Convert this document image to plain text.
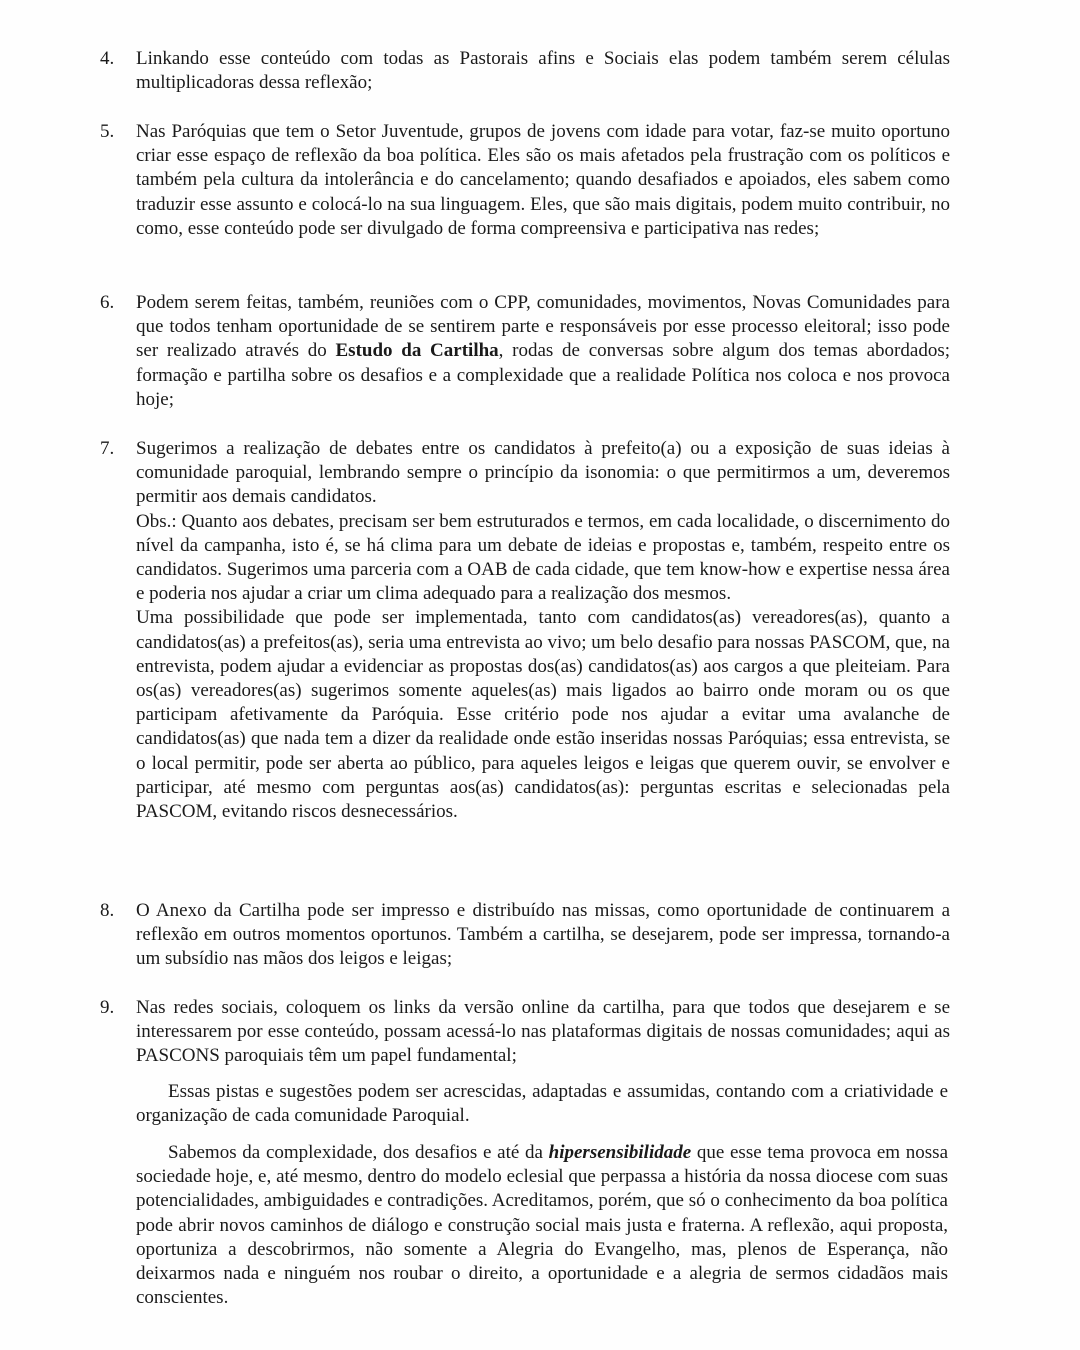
4.	Linkando esse conteúdo com todas as Pastorais afins e Sociais elas podem também serem células multiplicadoras dessa reflexão;

5.	Nas Paróquias que tem o Setor Juventude, grupos de jovens com idade para votar, faz-se muito oportuno criar esse espaço de reflexão da boa política. Eles são os mais afetados pela frustração com os políticos e também pela cultura da intolerância e do cancelamento; quando desafiados e apoiados, eles sabem como traduzir esse assunto e colocá-lo na sua linguagem. Eles, que são mais digitais, podem muito contribuir, no como, esse conteúdo pode ser divulgado de forma compreensiva e participativa nas redes;

6.	Podem serem feitas, também, reuniões com o CPP, comunidades, movimentos, Novas Comunidades para que todos tenham oportunidade de se sentirem parte e responsáveis por esse processo eleitoral; isso pode ser realizado através do Estudo da Cartilha, rodas de conversas sobre algum dos temas abordados; formação e partilha sobre os desafios e a complexidade que a realidade Política nos coloca e nos provoca hoje;

7.	Sugerimos a realização de debates entre os candidatos à prefeito(a) ou a exposição de suas ideias à comunidade paroquial, lembrando sempre o princípio da isonomia: o que permitirmos a um, deveremos permitir aos demais candidatos.

Obs.: Quanto aos debates, precisam ser bem estruturados e termos, em cada localidade, o discernimento do nível da campanha, isto é, se há clima para um debate de ideias e propostas e, também, respeito entre os candidatos. Sugerimos uma parceria com a OAB de cada cidade, que tem know-how e expertise nessa área e poderia nos ajudar a criar um clima adequado para a realização dos mesmos.

Uma possibilidade que pode ser implementada, tanto com candidatos(as) vereadores(as), quanto a candidatos(as) a prefeitos(as), seria uma entrevista ao vivo; um belo desafio para nossas PASCOM, que, na entrevista, podem ajudar a evidenciar as propostas dos(as) candidatos(as) aos cargos a que pleiteiam. Para os(as) vereadores(as) sugerimos somente aqueles(as) mais ligados ao bairro onde moram ou os que participam afetivamente da Paróquia. Esse critério pode nos ajudar a evitar uma avalanche de candidatos(as) que nada tem a dizer da realidade onde estão inseridas nossas Paróquias; essa entrevista, se o local permitir, pode ser aberta ao público, para aqueles leigos e leigas que querem ouvir, se envolver e participar, até mesmo com perguntas aos(as) candidatos(as): perguntas escritas e selecionadas pela PASCOM, evitando riscos desnecessários.

8.	O Anexo da Cartilha pode ser impresso e distribuído nas missas, como oportunidade de continuarem a reflexão em outros momentos oportunos. Também a cartilha, se desejarem, pode ser impressa, tornando-a um subsídio nas mãos dos leigos e leigas;

9.	Nas redes sociais, coloquem os links da versão online da cartilha, para que todos que desejarem e se interessarem por esse conteúdo, possam acessá-lo nas plataformas digitais de nossas comunidades; aqui as PASCONS paroquiais têm um papel fundamental;

Essas pistas e sugestões podem ser acrescidas, adaptadas e assumidas, contando com a criatividade e organização de cada comunidade Paroquial.

Sabemos da complexidade, dos desafios e até da hipersensibilidade que esse tema provoca em nossa sociedade hoje, e, até mesmo, dentro do modelo eclesial que perpassa a história da nossa diocese com suas potencialidades, ambiguidades e contradições. Acreditamos, porém, que só o conhecimento da boa política pode abrir novos caminhos de diálogo e construção social mais justa e fraterna. A reflexão, aqui proposta, oportuniza a descobrirmos, não somente a Alegria do Evangelho, mas, plenos de Esperança, não deixarmos nada e ninguém nos roubar o direito, a oportunidade e a alegria de sermos cidadãos mais conscientes.
